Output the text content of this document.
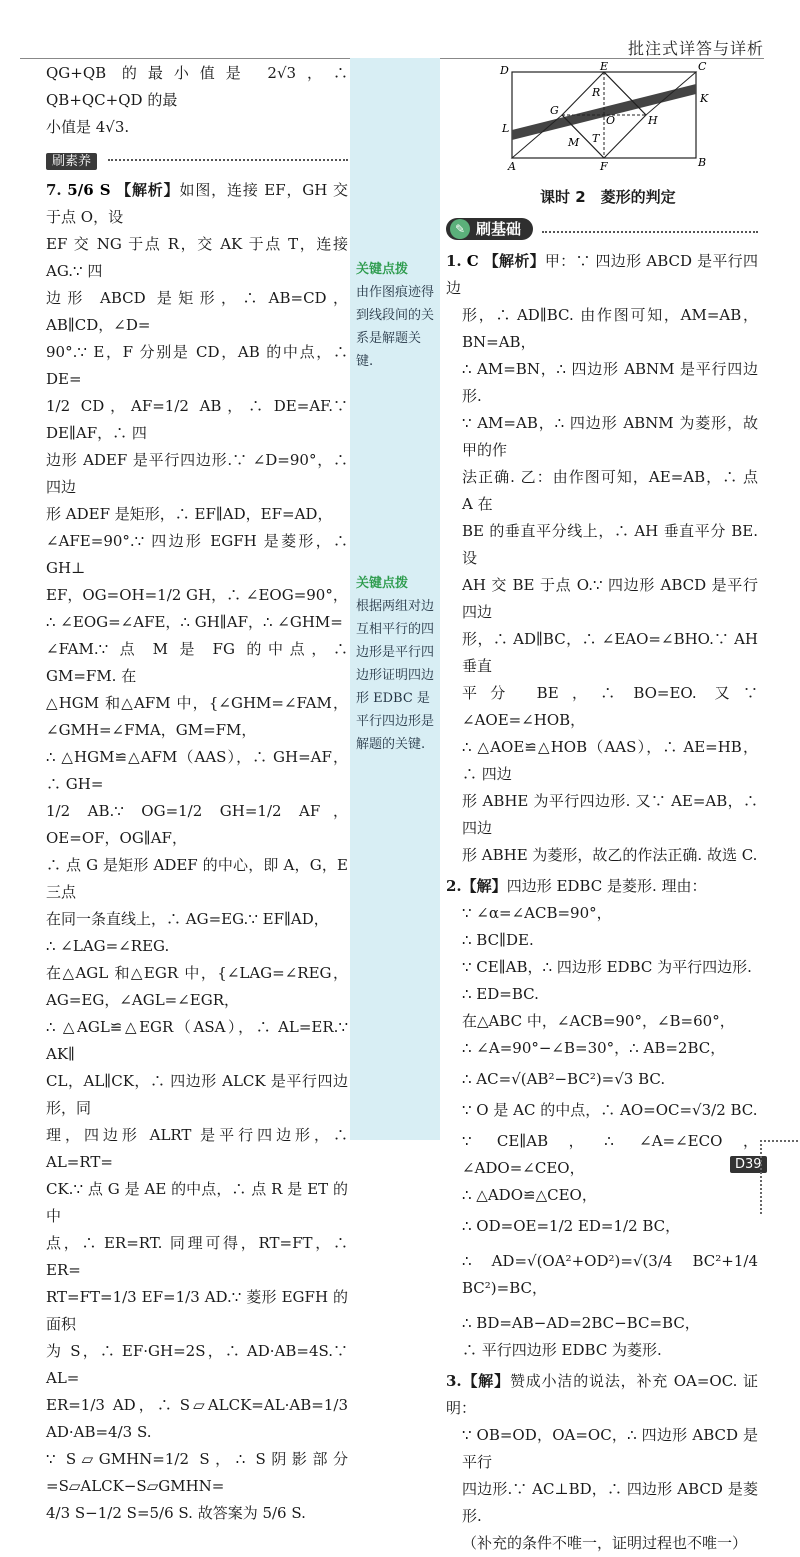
批注式详答与详析

QG+QB 的最小值是 2√3，∴ QB+QC+QD 的最

小值是 4√3.

刷素养

7. 5/6 S 【解析】如图，连接 EF，GH 交于点 O，设

EF 交 NG 于点 R，交 AK 于点 T，连接 AG.∵ 四

边形 ABCD 是矩形，∴ AB=CD，AB∥CD，∠D=

90°.∵ E，F 分别是 CD，AB 的中点，∴ DE=

1/2 CD，AF=1/2 AB，∴ DE=AF.∵ DE∥AF，∴ 四

边形 ADEF 是平行四边形.∵ ∠D=90°，∴ 四边

形 ADEF 是矩形，∴ EF∥AD，EF=AD，

∠AFE=90°.∵ 四边形 EGFH 是菱形，∴ GH⊥

EF，OG=OH=1/2 GH，∴ ∠EOG=90°，

∴ ∠EOG=∠AFE，∴ GH∥AF，∴ ∠GHM=

∠FAM.∵ 点 M 是 FG 的中点，∴ GM=FM. 在

△HGM 和△AFM 中，{∠GHM=∠FAM，∠GMH=∠FMA，GM=FM，

∴ △HGM≌△AFM（AAS），∴ GH=AF，∴ GH=

1/2 AB.∵ OG=1/2 GH=1/2 AF，OE=OF，OG∥AF，

∴ 点 G 是矩形 ADEF 的中心，即 A，G，E 三点

在同一条直线上，∴ AG=EG.∵ EF∥AD，

∴ ∠LAG=∠REG.

在△AGL 和△EGR 中，{∠LAG=∠REG，AG=EG，∠AGL=∠EGR，

∴ △AGL≌△EGR（ASA），∴ AL=ER.∵ AK∥

CL，AL∥CK，∴ 四边形 ALCK 是平行四边形，同

理，四边形 ALRT 是平行四边形，∴ AL=RT=

CK.∵ 点 G 是 AE 的中点，∴ 点 R 是 ET 的中

点，∴ ER=RT. 同理可得，RT=FT，∴ ER=

RT=FT=1/3 EF=1/3 AD.∵ 菱形 EGFH 的面积

为 S，∴ EF·GH=2S，∴ AD·AB=4S.∵ AL=

ER=1/3 AD，∴ S▱ALCK=AL·AB=1/3 AD·AB=4/3 S.

∵ S▱GMHN=1/2 S，∴ S阴影部分=S▱ALCK−S▱GMHN=

4/3 S−1/2 S=5/6 S. 故答案为 5/6 S.

关键点拨
由作图痕迹得到线段间的关系是解题关键.
关键点拨
根据两组对边互相平行的四边形是平行四边形证明四边形 EDBC 是平行四边形是解题的关键.
D	E	C
G
R	K
L
O	H
M T
A	F	B
课时 2　菱形的判定
✎ 刷基础

1. C 【解析】甲：∵ 四边形 ABCD 是平行四边

形，∴ AD∥BC. 由作图可知，AM=AB，BN=AB，

∴ AM=BN，∴ 四边形 ABNM 是平行四边形.

∵ AM=AB，∴ 四边形 ABNM 为菱形，故甲的作

法正确. 乙：由作图可知，AE=AB，∴ 点 A 在

BE 的垂直平分线上，∴ AH 垂直平分 BE. 设

AH 交 BE 于点 O.∵ 四边形 ABCD 是平行四边

形，∴ AD∥BC，∴ ∠EAO=∠BHO.∵ AH 垂直

平分 BE，∴ BO=EO. 又∵ ∠AOE=∠HOB，

∴ △AOE≌△HOB（AAS），∴ AE=HB，∴ 四边

形 ABHE 为平行四边形. 又∵ AE=AB，∴ 四边

形 ABHE 为菱形，故乙的作法正确. 故选 C.

2.【解】四边形 EDBC 是菱形. 理由：

∵ ∠α=∠ACB=90°，

∴ BC∥DE.

∵ CE∥AB，∴ 四边形 EDBC 为平行四边形.

∴ ED=BC.

在△ABC 中，∠ACB=90°，∠B=60°，

∴ ∠A=90°−∠B=30°，∴ AB=2BC，

∴ AC=√(AB²−BC²)=√3 BC.

∵ O 是 AC 的中点，∴ AO=OC=√3/2 BC.

∵ CE∥AB，∴ ∠A=∠ECO，∠ADO=∠CEO，

∴ △ADO≌△CEO，

∴ OD=OE=1/2 ED=1/2 BC，

∴ AD=√(OA²+OD²)=√(3/4 BC²+1/4 BC²)=BC，

∴ BD=AB−AD=2BC−BC=BC，

∴ 平行四边形 EDBC 为菱形.

3.【解】赞成小洁的说法，补充 OA=OC. 证明：

∵ OB=OD，OA=OC，∴ 四边形 ABCD 是平行

四边形.∵ AC⊥BD，∴ 四边形 ABCD 是菱形.

（补充的条件不唯一，证明过程也不唯一）

D39
